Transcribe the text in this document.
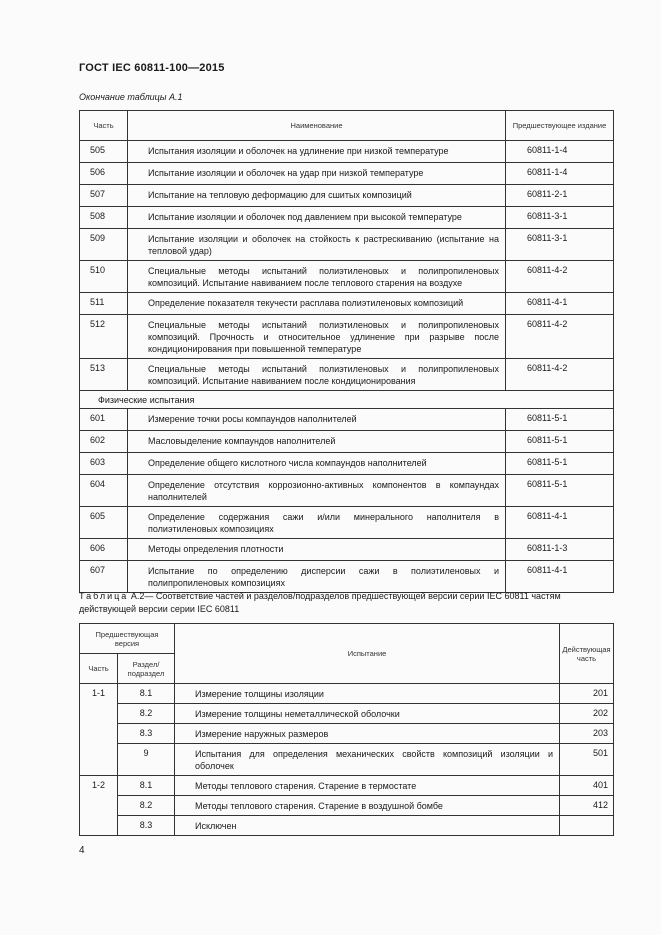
ГОСТ IEC 60811-100—2015
Окончание таблицы А.1
Часть	Наименование	Предшествующее издание
505	Испытания изоляции и оболочек на удлинение при низкой температуре	60811-1-4
506	Испытание изоляции и оболочек на удар при низкой температуре	60811-1-4
507	Испытание на тепловую деформацию для сшитых композиций	60811-2-1
508	Испытание изоляции и оболочек под давлением при высокой температуре	60811-3-1
509	Испытание изоляции и оболочек на стойкость к растрескиванию (испытание на тепловой удар)	60811-3-1
510	Специальные методы испытаний полиэтиленовых и полипропиленовых композиций. Испытание навиванием после теплового старения на воздухе	60811-4-2
511	Определение показателя текучести расплава полиэтиленовых композиций	60811-4-1
512	Специальные методы испытаний полиэтиленовых и полипропиленовых композиций. Прочность и относительное удлинение при разрыве после кондиционирования при повышенной температуре	60811-4-2
513	Специальные методы испытаний полиэтиленовых и полипропиленовых композиций. Испытание навиванием после кондиционирования	60811-4-2
Физические испытания		
601	Измерение точки росы компаундов наполнителей	60811-5-1
602	Масловыделение компаундов наполнителей	60811-5-1
603	Определение общего кислотного числа компаундов наполнителей	60811-5-1
604	Определение отсутствия коррозионно-активных компонентов в компаундах наполнителей	60811-5-1
605	Определение содержания сажи и/или минерального наполнителя в полиэтиленовых композициях	60811-4-1
606	Методы определения плотности	60811-1-3
607	Испытание по определению дисперсии сажи в полиэтиленовых и полипропиленовых композициях	60811-4-1
Таблица А.2— Соответствие частей и разделов/подразделов предшествующей версии серии IEC 60811 частям действующей версии серии IEC 60811
Предшествующая версия		Испытание	Действующая часть
Часть	Раздел/ подраздел		
1-1	8.1	Измерение толщины изоляции	201
	8.2	Измерение толщины неметаллической оболочки	202
	8.3	Измерение наружных размеров	203
	9	Испытания для определения механических свойств композиций изоляции и оболочек	501
1-2	8.1	Методы теплового старения. Старение в термостате	401
	8.2	Методы теплового старения. Старение в воздушной бомбе	412
	8.3	Исключен	
4
